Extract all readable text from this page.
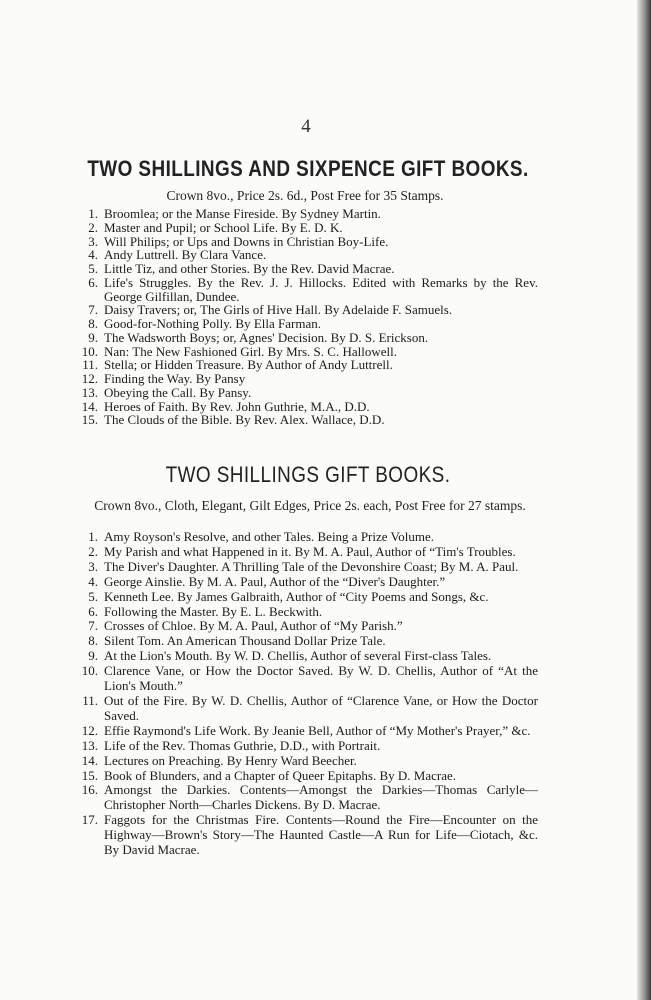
4
TWO SHILLINGS AND SIXPENCE GIFT BOOKS.
Crown 8vo., Price 2s. 6d., Post Free for 35 Stamps.
1. Broomlea; or the Manse Fireside. By Sydney Martin.
2. Master and Pupil; or School Life. By E. D. K.
3. Will Philips; or Ups and Downs in Christian Boy-Life.
4. Andy Luttrell. By Clara Vance.
5. Little Tiz, and other Stories. By the Rev. David Macrae.
6. Life's Struggles. By the Rev. J. J. Hillocks. Edited with Remarks by the Rev. George Gilfillan, Dundee.
7. Daisy Travers; or, The Girls of Hive Hall. By Adelaide F. Samuels.
8. Good-for-Nothing Polly. By Ella Farman.
9. The Wadsworth Boys; or, Agnes' Decision. By D. S. Erickson.
10. Nan: The New Fashioned Girl. By Mrs. S. C. Hallowell.
11. Stella; or Hidden Treasure. By Author of Andy Luttrell.
12. Finding the Way. By Pansy
13. Obeying the Call. By Pansy.
14. Heroes of Faith. By Rev. John Guthrie, M.A., D.D.
15. The Clouds of the Bible. By Rev. Alex. Wallace, D.D.
TWO SHILLINGS GIFT BOOKS.
Crown 8vo., Cloth, Elegant, Gilt Edges, Price 2s. each, Post Free for 27 stamps.
1. Amy Royson's Resolve, and other Tales. Being a Prize Volume.
2. My Parish and what Happened in it. By M. A. Paul, Author of “Tim's Troubles.
3. The Diver's Daughter. A Thrilling Tale of the Devonshire Coast; By M. A. Paul.
4. George Ainslie. By M. A. Paul, Author of the “Diver's Daughter.”
5. Kenneth Lee. By James Galbraith, Author of “City Poems and Songs, &c.
6. Following the Master. By E. L. Beckwith.
7. Crosses of Chloe. By M. A. Paul, Author of “My Parish.”
8. Silent Tom. An American Thousand Dollar Prize Tale.
9. At the Lion's Mouth. By W. D. Chellis, Author of several First-class Tales.
10. Clarence Vane, or How the Doctor Saved. By W. D. Chellis, Author of “At the Lion's Mouth.”
11. Out of the Fire. By W. D. Chellis, Author of “Clarence Vane, or How the Doctor Saved.
12. Effie Raymond's Life Work. By Jeanie Bell, Author of “My Mother's Prayer,” &c.
13. Life of the Rev. Thomas Guthrie, D.D., with Portrait.
14. Lectures on Preaching. By Henry Ward Beecher.
15. Book of Blunders, and a Chapter of Queer Epitaphs. By D. Macrae.
16. Amongst the Darkies. Contents—Amongst the Darkies—Thomas Carlyle—Christopher North—Charles Dickens. By D. Macrae.
17. Faggots for the Christmas Fire. Contents—Round the Fire—Encounter on the Highway—Brown's Story—The Haunted Castle—A Run for Life—Ciotach, &c. By David Macrae.
